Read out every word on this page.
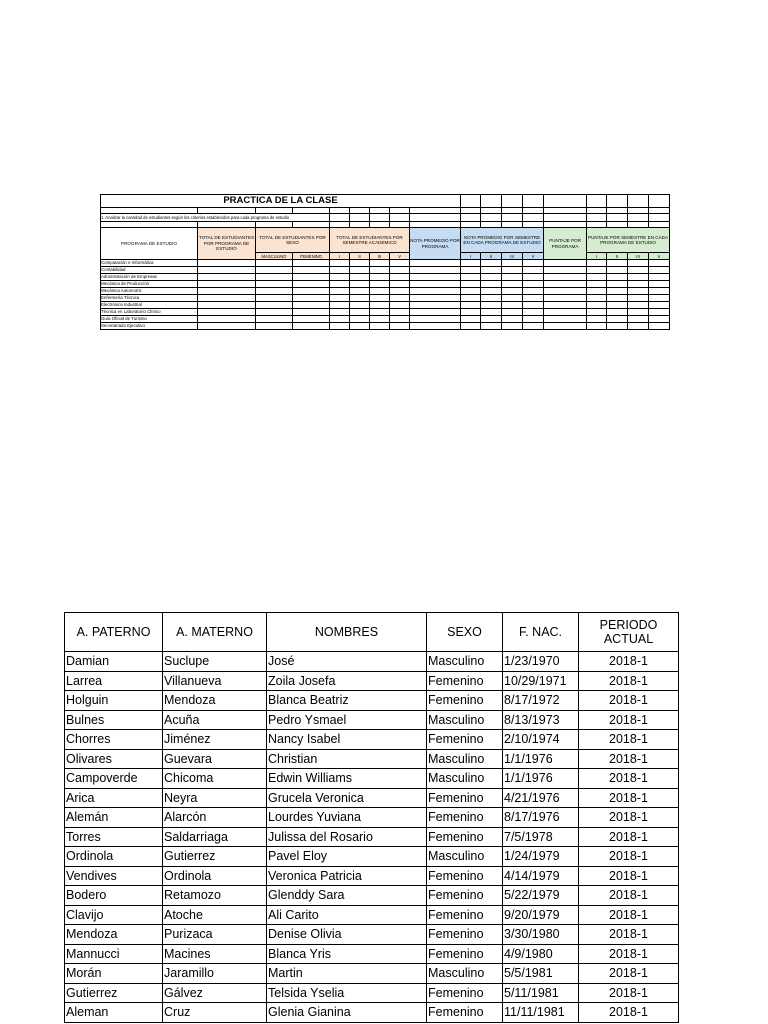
PRACTICA DE LA CLASE																	

1. Analizar la cantidad de estudiantes según los criterios establecidos para cada programa de estudio																	

PROGRAMA DE ESTUDIO	TOTAL DE ESTUDIANTES POR PROGRAMA DE ESTUDIO	TOTAL DE ESTUDIANTES POR SEXO		TOTAL DE ESTUDIANTES POR SEMESTRE ACADEMICO				NOTA PROMEDIO POR PROGRAMA	NOTA PROMEDIO POR SEMESTRE EN CADA PROGRAMA DE ESTUDIO				PUNTAJE POR PROGRAMA	PUNTAJE POR SEMESTRE EN CADA PROGRAMA DE ESTUDIO			
		MASCULINO	FEMENINO	I	II	III	V		I	II	III	V		I	II	III	V
Computación e Informática																	
Contabilidad																	
Administración de Empresas																	
Mecánica de Producción																	
Mecánica Automotriz																	
Enfermería Técnica																	
Electrónica Industrial																	
Técnica en Laboratorio Clínico																	
Guía Oficial de Turismo																	
Secretariado Ejecutivo																	
A. PATERNO	A. MATERNO	NOMBRES	SEXO	F. NAC.	PERIODO ACTUAL
Damian	Suclupe	José	Masculino	1/23/1970	2018-1
Larrea	Villanueva	Zoila Josefa	Femenino	10/29/1971	2018-1
Holguin	Mendoza	Blanca Beatriz	Femenino	8/17/1972	2018-1
Bulnes	Acuña	Pedro Ysmael	Masculino	8/13/1973	2018-1
Chorres	Jiménez	Nancy Isabel	Femenino	2/10/1974	2018-1
Olivares	Guevara	Christian	Masculino	1/1/1976	2018-1
Campoverde	Chicoma	Edwin Williams	Masculino	1/1/1976	2018-1
Arica	Neyra	Grucela Veronica	Femenino	4/21/1976	2018-1
Alemán	Alarcón	Lourdes Yuviana	Femenino	8/17/1976	2018-1
Torres	Saldarriaga	Julissa del Rosario	Femenino	7/5/1978	2018-1
Ordinola	Gutierrez	Pavel Eloy	Masculino	1/24/1979	2018-1
Vendives	Ordinola	Veronica Patricia	Femenino	4/14/1979	2018-1
Bodero	Retamozo	Glenddy Sara	Femenino	5/22/1979	2018-1
Clavijo	Atoche	Ali Carito	Femenino	9/20/1979	2018-1
Mendoza	Purizaca	Denise Olivia	Femenino	3/30/1980	2018-1
Mannucci	Macines	Blanca Yris	Femenino	4/9/1980	2018-1
Morán	Jaramillo	Martin	Masculino	5/5/1981	2018-1
Gutierrez	Gálvez	Telsida Yselia	Femenino	5/11/1981	2018-1
Aleman	Cruz	Glenia Gianina	Femenino	11/11/1981	2018-1
